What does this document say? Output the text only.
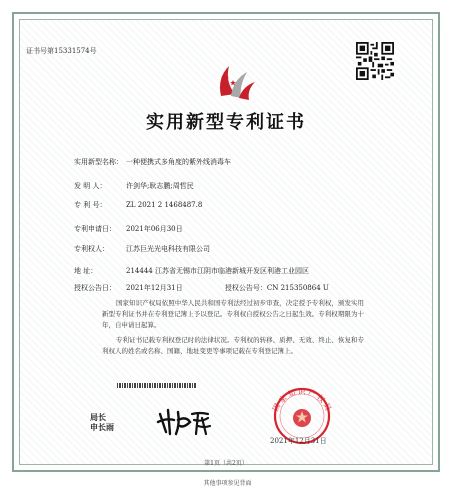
证书号第15331574号
实用新型专利证书
实用新型名称： 一种便携式多角度的紫外线消毒车
发 明 人：	许剑华;耿志鹏;周哲民
专 利 号：	ZL 2021 2 1468487.8
专利申请日： 2021年06月30日
专利权人： 江苏巨光光电科技有限公司
地 址：	214444 江苏省无锡市江阴市临港新城开发区利港工业园区
授权公告日： 2021年12月31日	授权公告号：CN 215350864 U
国家知识产权局依照中华人民共和国专利法经过初步审查，决定授予专利权，颁发实用新型专利证书并在专利登记簿上予以登记。专利权自授权公告之日起生效。专利权期限为十年，自申请日起算。
专利证书记载专利权登记时的法律状况。专利权的转移、质押、无效、终止、恢复和专利权人的姓名或名称、国籍、地址变更等事项记载在专利登记簿上。
国家知识产权局
局长
申长雨
2021年12月31日
第1页（共2页）
其他事项参见背面
